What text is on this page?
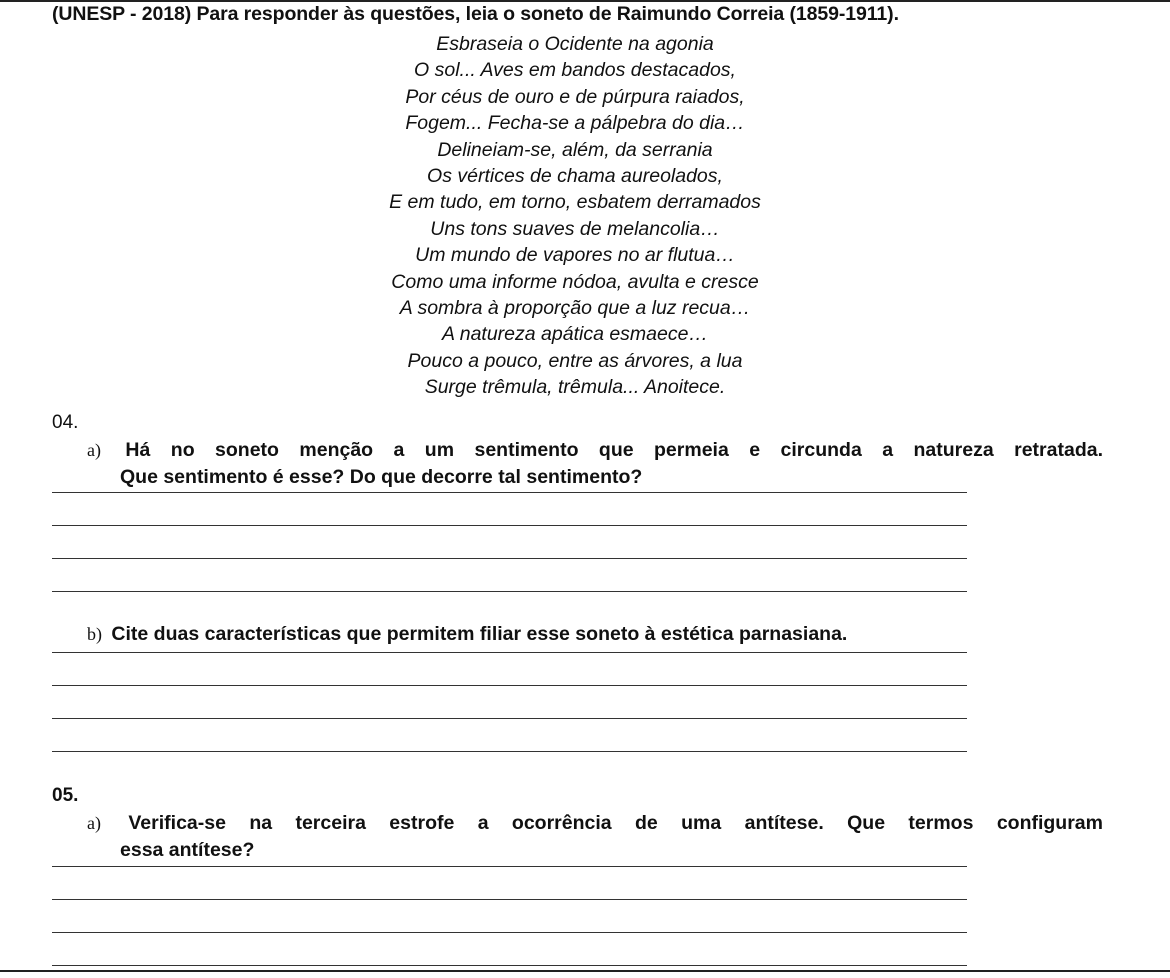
(UNESP - 2018) Para responder às questões, leia o soneto de Raimundo Correia (1859-1911).
Esbraseia o Ocidente na agonia
O sol... Aves em bandos destacados,
Por céus de ouro e de púrpura raiados,
Fogem... Fecha-se a pálpebra do dia…
Delineiam-se, além, da serrania
Os vértices de chama aureolados,
E em tudo, em torno, esbatem derramados
Uns tons suaves de melancolia…
Um mundo de vapores no ar flutua…
Como uma informe nódoa, avulta e cresce
A sombra à proporção que a luz recua…
A natureza apática esmaece…
Pouco a pouco, entre as árvores, a lua
Surge trêmula, trêmula... Anoitece.
04.
a) Há no soneto menção a um sentimento que permeia e circunda a natureza retratada.
Que sentimento é esse? Do que decorre tal sentimento?
b) Cite duas características que permitem filiar esse soneto à estética parnasiana.
05.
a) Verifica-se na terceira estrofe a ocorrência de uma antítese. Que termos configuram
essa antítese?
